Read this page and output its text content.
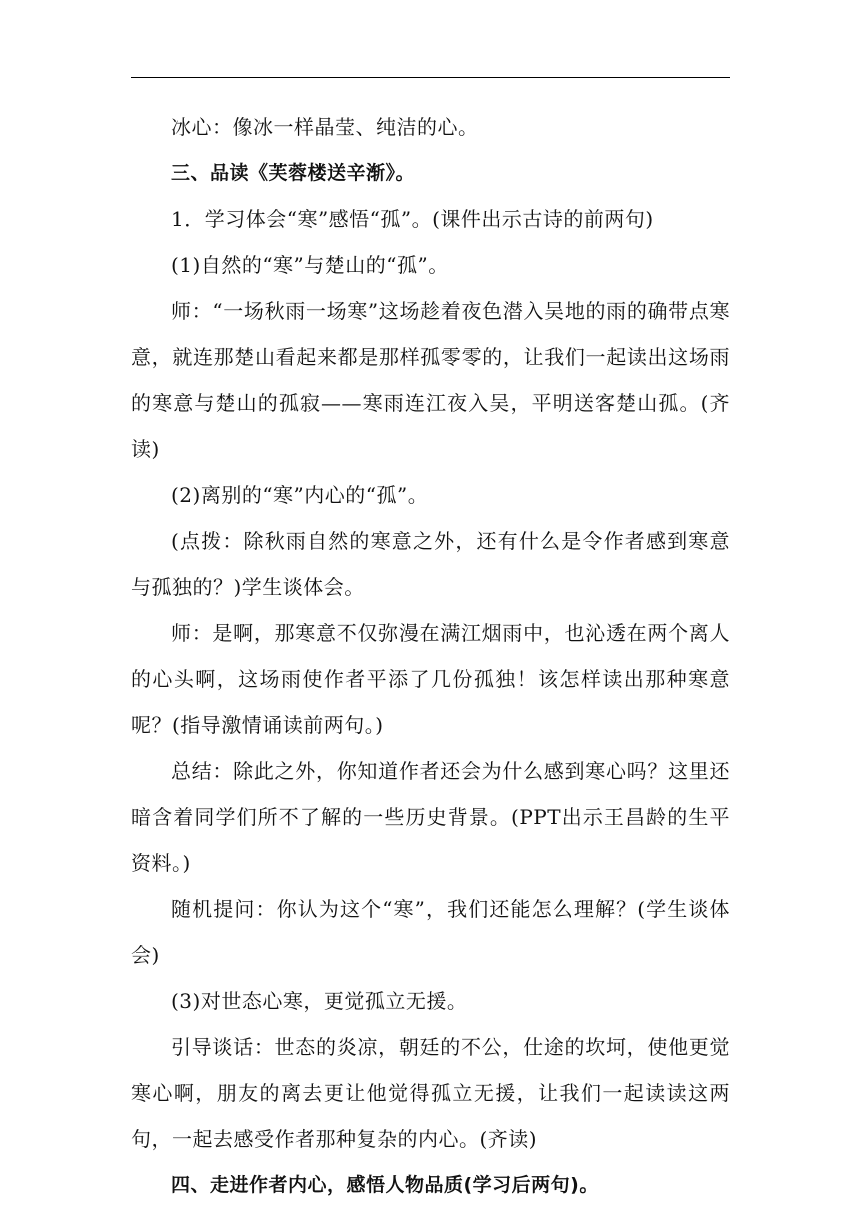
冰心：像冰一样晶莹、纯洁的心。

三、品读《芙蓉楼送辛渐》。

1．学习体会“寒”感悟“孤”。(课件出示古诗的前两句)

(1)自然的“寒”与楚山的“孤”。

师：“一场秋雨一场寒”这场趁着夜色潜入吴地的雨的确带点寒意，就连那楚山看起来都是那样孤零零的，让我们一起读出这场雨的寒意与楚山的孤寂——寒雨连江夜入吴，平明送客楚山孤。(齐读)

(2)离别的“寒”内心的“孤”。

(点拨：除秋雨自然的寒意之外，还有什么是令作者感到寒意与孤独的？)学生谈体会。

师：是啊，那寒意不仅弥漫在满江烟雨中，也沁透在两个离人的心头啊，这场雨使作者平添了几份孤独！该怎样读出那种寒意呢？(指导激情诵读前两句。)

总结：除此之外，你知道作者还会为什么感到寒心吗？这里还暗含着同学们所不了解的一些历史背景。(PPT出示王昌龄的生平资料。)

随机提问：你认为这个“寒”，我们还能怎么理解？(学生谈体会)

(3)对世态心寒，更觉孤立无援。

引导谈话：世态的炎凉，朝廷的不公，仕途的坎坷，使他更觉寒心啊，朋友的离去更让他觉得孤立无援，让我们一起读读这两句，一起去感受作者那种复杂的内心。(齐读)

四、走进作者内心，感悟人物品质(学习后两句)。
